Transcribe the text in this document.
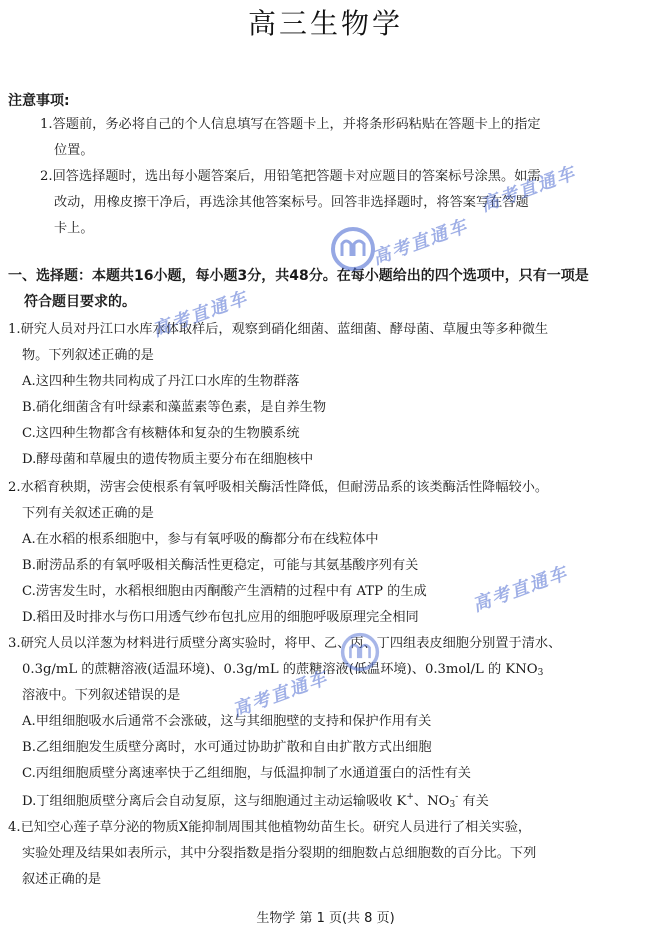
高三生物学
注意事项:
1.答题前，务必将自己的个人信息填写在答题卡上，并将条形码粘贴在答题卡上的指定
位置。
2.回答选择题时，选出每小题答案后，用铅笔把答题卡对应题目的答案标号涂黑。如需
改动，用橡皮擦干净后，再选涂其他答案标号。回答非选择题时，将答案写在答题
卡上。
一、选择题：本题共16小题，每小题3分，共48分。在每小题给出的四个选项中，只有一项是
符合题目要求的。
1.研究人员对丹江口水库水体取样后，观察到硝化细菌、蓝细菌、酵母菌、草履虫等多种微生
物。下列叙述正确的是
A.这四种生物共同构成了丹江口水库的生物群落
B.硝化细菌含有叶绿素和藻蓝素等色素，是自养生物
C.这四种生物都含有核糖体和复杂的生物膜系统
D.酵母菌和草履虫的遗传物质主要分布在细胞核中
2.水稻育秧期，涝害会使根系有氧呼吸相关酶活性降低，但耐涝品系的该类酶活性降幅较小。
下列有关叙述正确的是
A.在水稻的根系细胞中，参与有氧呼吸的酶都分布在线粒体中
B.耐涝品系的有氧呼吸相关酶活性更稳定，可能与其氨基酸序列有关
C.涝害发生时，水稻根细胞由丙酮酸产生酒精的过程中有 ATP 的生成
D.稻田及时排水与伤口用透气纱布包扎应用的细胞呼吸原理完全相同
3.研究人员以洋葱为材料进行质壁分离实验时，将甲、乙、丙、丁四组表皮细胞分别置于清水、
0.3g/mL 的蔗糖溶液(适温环境)、0.3g/mL 的蔗糖溶液(低温环境)、0.3mol/L 的 $KNO_3$
溶液中。下列叙述错误的是
A.甲组细胞吸水后通常不会涨破，这与其细胞壁的支持和保护作用有关
B.乙组细胞发生质壁分离时，水可通过协助扩散和自由扩散方式出细胞
C.丙组细胞质壁分离速率快于乙组细胞，与低温抑制了水通道蛋白的活性有关
D.丁组细胞质壁分离后会自动复原，这与细胞通过主动运输吸收 K+、$NO_3^-$ 有关
4.已知空心莲子草分泌的物质X能抑制周围其他植物幼苗生长。研究人员进行了相关实验，
实验处理及结果如表所示，其中分裂指数是指分裂期的细胞数占总细胞数的百分比。下列
叙述正确的是
生物学 第 1 页(共 8 页)
高考直通车
高考直通车
高考直通车
高考直通车
高考直通车
